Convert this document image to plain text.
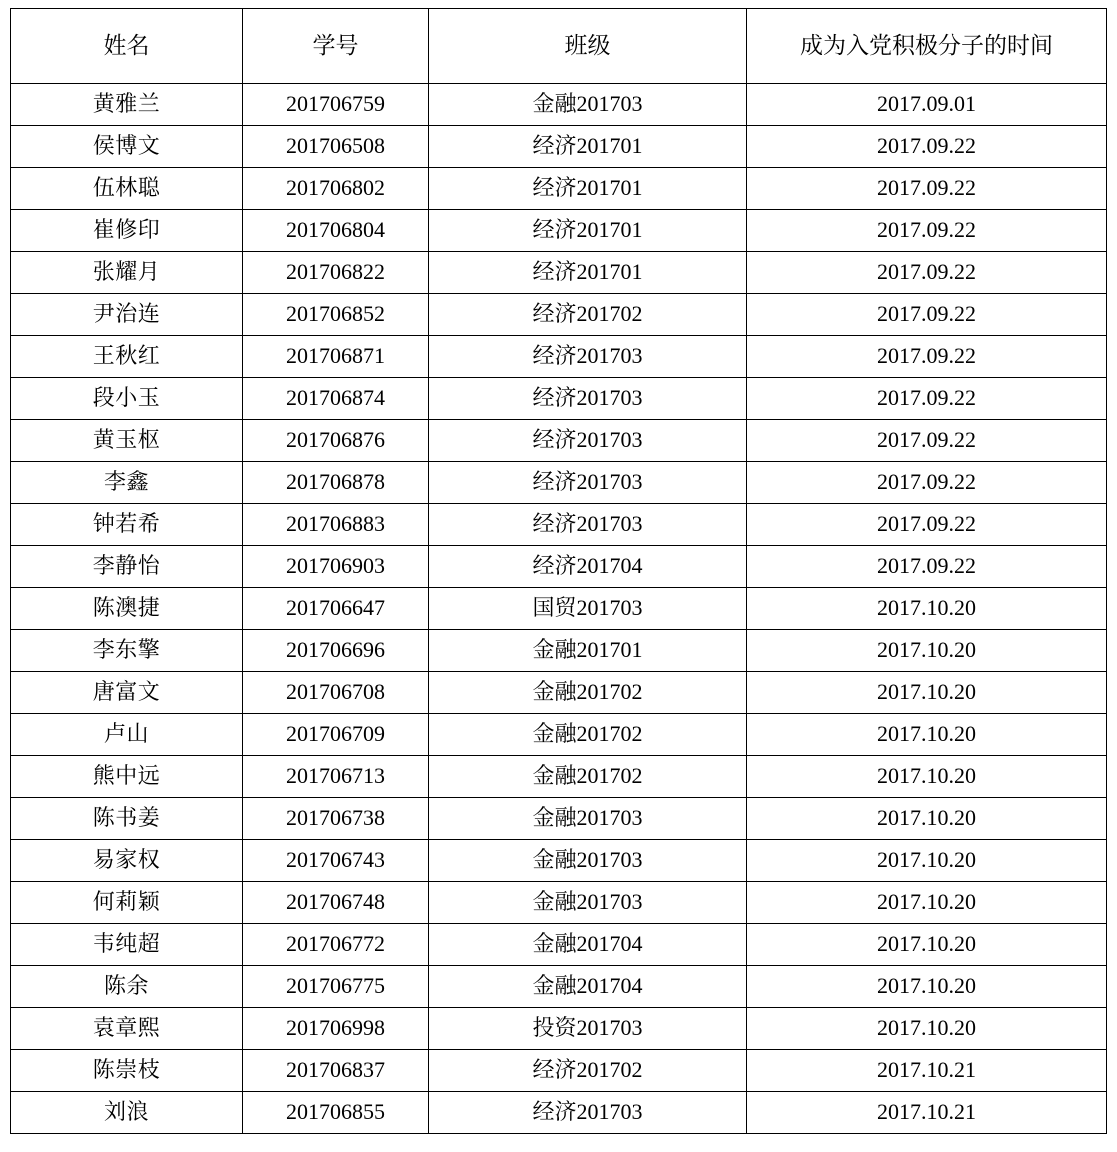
姓名	学号	班级	成为入党积极分子的时间
黄雅兰	201706759	金融201703	2017.09.01
侯博文	201706508	经济201701	2017.09.22
伍林聪	201706802	经济201701	2017.09.22
崔修印	201706804	经济201701	2017.09.22
张耀月	201706822	经济201701	2017.09.22
尹治连	201706852	经济201702	2017.09.22
王秋红	201706871	经济201703	2017.09.22
段小玉	201706874	经济201703	2017.09.22
黄玉枢	201706876	经济201703	2017.09.22
李鑫	201706878	经济201703	2017.09.22
钟若希	201706883	经济201703	2017.09.22
李静怡	201706903	经济201704	2017.09.22
陈澳捷	201706647	国贸201703	2017.10.20
李东擎	201706696	金融201701	2017.10.20
唐富文	201706708	金融201702	2017.10.20
卢山	201706709	金融201702	2017.10.20
熊中远	201706713	金融201702	2017.10.20
陈书姜	201706738	金融201703	2017.10.20
易家权	201706743	金融201703	2017.10.20
何莉颖	201706748	金融201703	2017.10.20
韦纯超	201706772	金融201704	2017.10.20
陈余	201706775	金融201704	2017.10.20
袁章熙	201706998	投资201703	2017.10.20
陈崇枝	201706837	经济201702	2017.10.21
刘浪	201706855	经济201703	2017.10.21
